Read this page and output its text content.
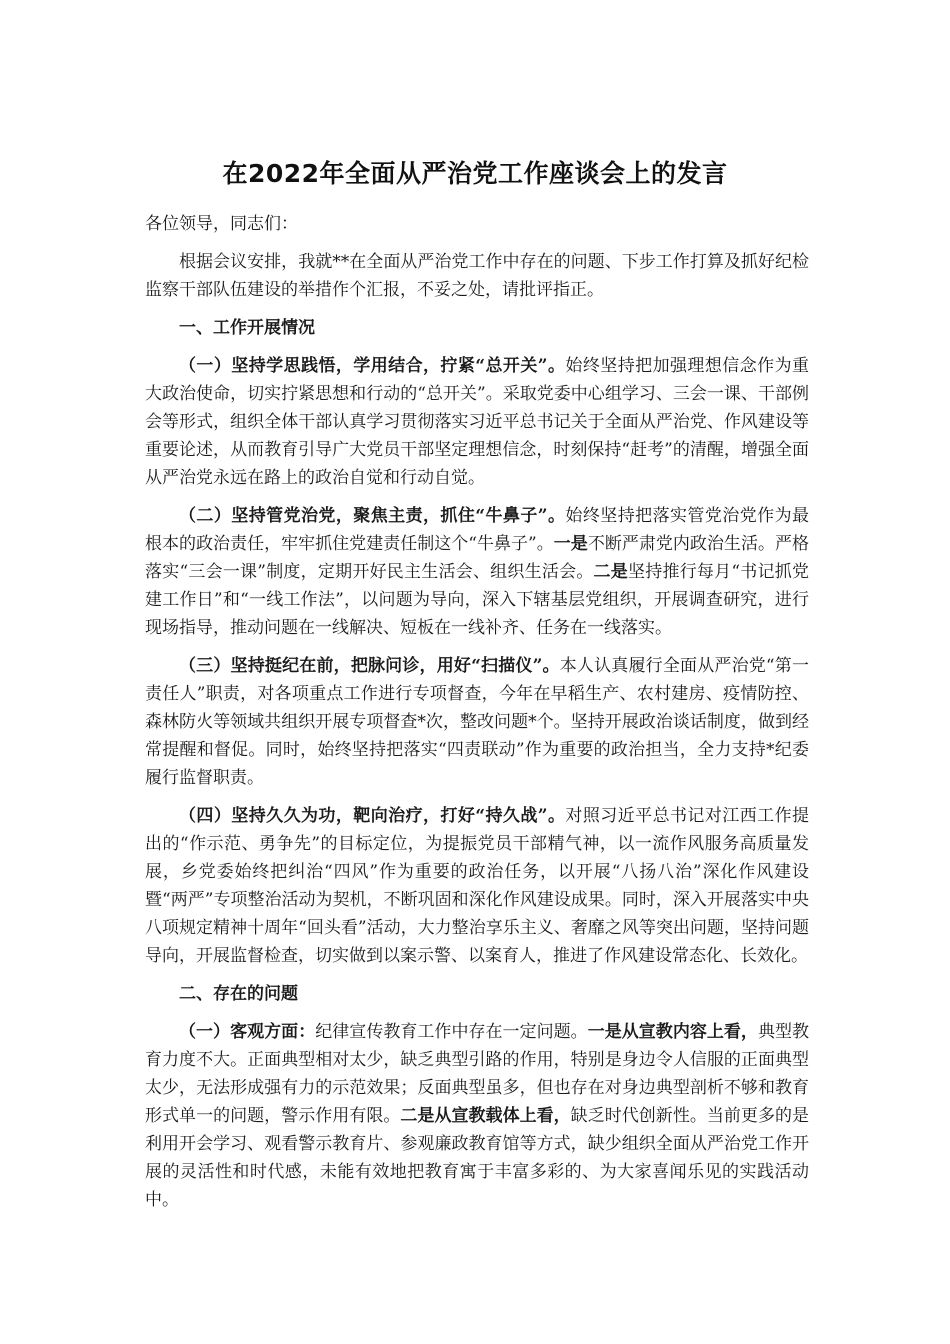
在2022年全面从严治党工作座谈会上的发言

各位领导，同志们：

根据会议安排，我就**在全面从严治党工作中存在的问题、下步工作打算及抓好纪检监察干部队伍建设的举措作个汇报，不妥之处，请批评指正。

一、工作开展情况

（一）坚持学思践悟，学用结合，拧紧“总开关”。始终坚持把加强理想信念作为重大政治使命，切实拧紧思想和行动的“总开关”。采取党委中心组学习、三会一课、干部例会等形式，组织全体干部认真学习贯彻落实习近平总书记关于全面从严治党、作风建设等重要论述，从而教育引导广大党员干部坚定理想信念，时刻保持“赶考”的清醒，增强全面从严治党永远在路上的政治自觉和行动自觉。

（二）坚持管党治党，聚焦主责，抓住“牛鼻子”。始终坚持把落实管党治党作为最根本的政治责任，牢牢抓住党建责任制这个“牛鼻子”。一是不断严肃党内政治生活。严格落实“三会一课”制度，定期开好民主生活会、组织生活会。二是坚持推行每月“书记抓党建工作日”和“一线工作法”，以问题为导向，深入下辖基层党组织，开展调查研究，进行现场指导，推动问题在一线解决、短板在一线补齐、任务在一线落实。

（三）坚持挺纪在前，把脉问诊，用好“扫描仪”。本人认真履行全面从严治党“第一责任人”职责，对各项重点工作进行专项督查，今年在早稻生产、农村建房、疫情防控、森林防火等领域共组织开展专项督查*次，整改问题*个。坚持开展政治谈话制度，做到经常提醒和督促。同时，始终坚持把落实“四责联动”作为重要的政治担当，全力支持*纪委履行监督职责。

（四）坚持久久为功，靶向治疗，打好“持久战”。对照习近平总书记对江西工作提出的“作示范、勇争先”的目标定位，为提振党员干部精气神，以一流作风服务高质量发展，乡党委始终把纠治“四风”作为重要的政治任务，以开展“八扬八治”深化作风建设暨“两严”专项整治活动为契机，不断巩固和深化作风建设成果。同时，深入开展落实中央八项规定精神十周年“回头看”活动，大力整治享乐主义、奢靡之风等突出问题，坚持问题导向，开展监督检查，切实做到以案示警、以案育人，推进了作风建设常态化、长效化。

二、存在的问题

（一）客观方面：纪律宣传教育工作中存在一定问题。一是从宣教内容上看，典型教育力度不大。正面典型相对太少，缺乏典型引路的作用，特别是身边令人信服的正面典型太少，无法形成强有力的示范效果；反面典型虽多，但也存在对身边典型剖析不够和教育形式单一的问题，警示作用有限。二是从宣教载体上看，缺乏时代创新性。当前更多的是利用开会学习、观看警示教育片、参观廉政教育馆等方式，缺少组织全面从严治党工作开展的灵活性和时代感，未能有效地把教育寓于丰富多彩的、为大家喜闻乐见的实践活动中。
